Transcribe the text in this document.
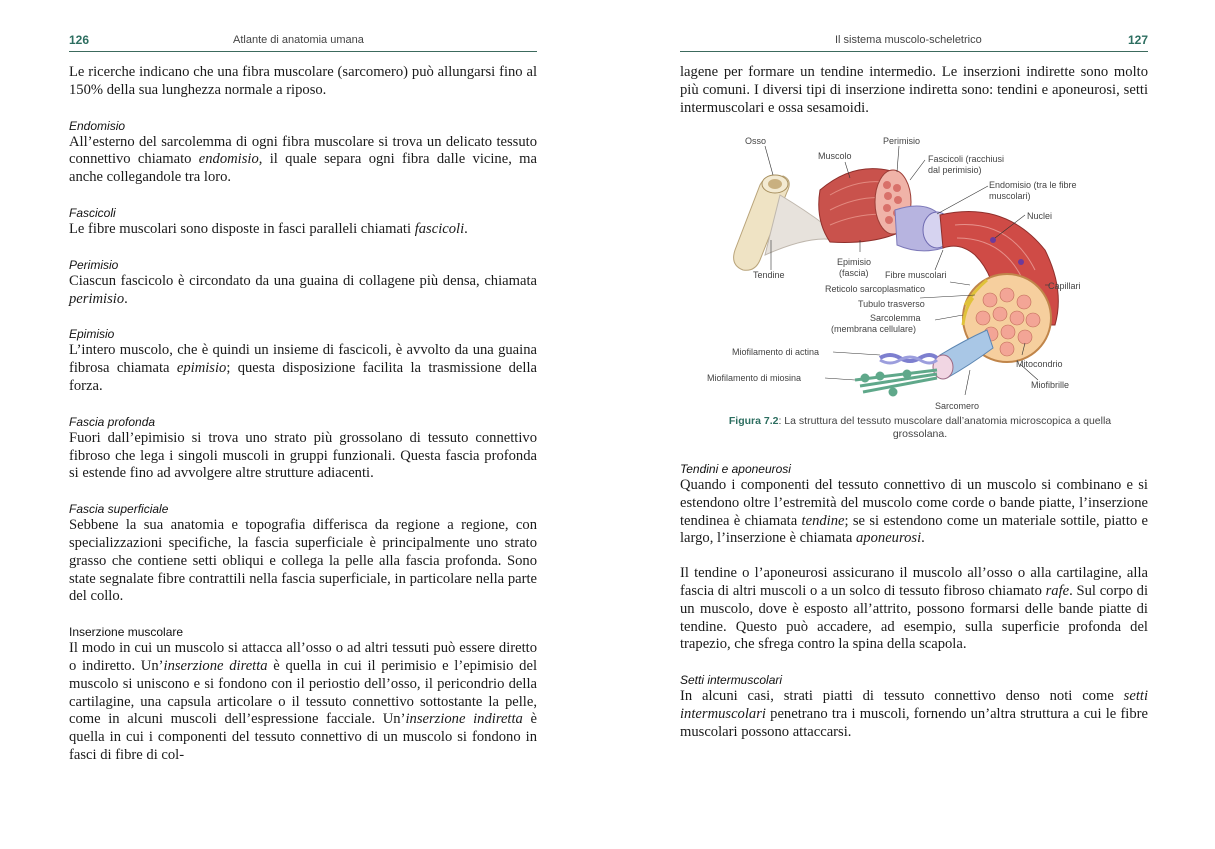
126	Atlante di anatomia umana

Le ricerche indicano che una fibra muscolare (sarcomero) può allungarsi fino al 150% della sua lunghezza normale a riposo.

Endomisio

All’esterno del sarcolemma di ogni fibra muscolare si trova un delicato tessuto connettivo chiamato endomisio, il quale separa ogni fibra dalle vicine, ma anche collegandole tra loro.

Fascicoli

Le fibre muscolari sono disposte in fasci paralleli chiamati fascicoli.

Perimisio

Ciascun fascicolo è circondato da una guaina di collagene più densa, chiamata perimisio.

Epimisio

L’intero muscolo, che è quindi un insieme di fascicoli, è avvolto da una guaina fibrosa chiamata epimisio; questa disposizione facilita la trasmissione della forza.

Fascia profonda

Fuori dall’epimisio si trova uno strato più grossolano di tessuto connettivo fibroso che lega i singoli muscoli in gruppi funzionali. Questa fascia profonda si estende fino ad avvolgere altre strutture adiacenti.

Fascia superficiale

Sebbene la sua anatomia e topografia differisca da regione a regione, con specializzazioni specifiche, la fascia superficiale è principalmente uno strato grasso che contiene setti obliqui e collega la pelle alla fascia profonda. Sono state segnalate fibre contrattili nella fascia superficiale, in particolare nella parte del collo.

Inserzione muscolare

Il modo in cui un muscolo si attacca all’osso o ad altri tessuti può essere diretto o indiretto. Un’inserzione diretta è quella in cui il perimisio e l’epimisio del muscolo si uniscono e si fondono con il periostio dell’osso, il pericondrio della cartilagine, una capsula articolare o il tessuto connettivo sottostante la pelle, come in alcuni muscoli dell’espressione facciale. Un’inserzione indiretta è quella in cui i componenti del tessuto connettivo di un muscolo si fondono in fasci di fibre di col-

Il sistema muscolo-scheletrico	127

lagene per formare un tendine intermedio. Le inserzioni indirette sono molto più comuni. I diversi tipi di inserzione indiretta sono: tendini e aponeurosi, setti intermuscolari e ossa sesamoidi.

Osso
Muscolo
Perimisio
Fascicoli (racchiusi
dal perimisio)
Endomisio (tra le fibre
muscolari)
Nuclei
Tendine
Epimisio
(fascia) Fibre muscolari
Reticolo sarcoplasmatico
Tubulo trasverso
Sarcolemma
(membrana cellulare)
Capillari
Miofilamento di actina
Miofilamento di miosina
Mitocondrio
Miofibrille
Sarcomero
Figura 7.2: La struttura del tessuto muscolare dall’anatomia microscopica a quella grossolana.

Tendini e aponeurosi

Quando i componenti del tessuto connettivo di un muscolo si combinano e si estendono oltre l’estremità del muscolo come corde o bande piatte, l’inserzione tendinea è chiamata tendine; se si estendono come un materiale sottile, piatto e largo, l’inserzione è chiamata aponeurosi.

Il tendine o l’aponeurosi assicurano il muscolo all’osso o alla cartilagine, alla fascia di altri muscoli o a un solco di tessuto fibroso chiamato rafe. Sul corpo di un muscolo, dove è esposto all’attrito, possono formarsi delle bande piatte di tendine. Questo può accadere, ad esempio, sulla superficie profonda del trapezio, che sfrega contro la spina della scapola.

Setti intermuscolari

In alcuni casi, strati piatti di tessuto connettivo denso noti come setti intermuscolari penetrano tra i muscoli, fornendo un’altra struttura a cui le fibre muscolari possono attaccarsi.
